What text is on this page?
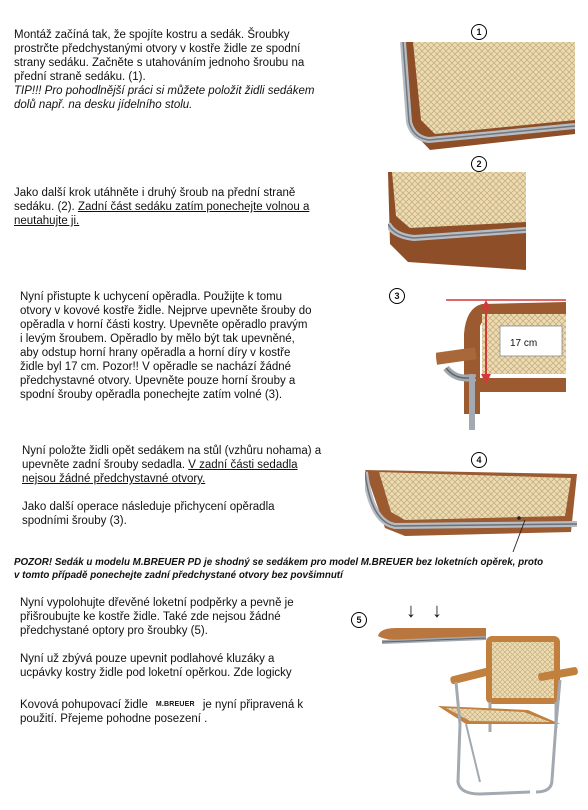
Montáž začíná tak, že spojíte kostru a sedák. Šroubky
prostrčte předchystanými otvory v kostře židle ze spodní
strany sedáku. Začněte s utahováním jednoho šroubu na
přední straně sedáku. (1).
TIP!!! Pro pohodlnější práci si můžete položit židli sedákem
dolů např. na desku jídelního stolu.
1
2
Jako další krok utáhněte i druhý šroub na přední straně
sedáku. (2). Zadní část sedáku zatím ponechejte volnou a
neutahujte ji.
Nyní přistupte k uchycení opěradla. Použijte k tomu
otvory v kovové kostře židle. Nejprve upevněte šrouby do
opěradla v horní části kostry. Upevněte opěradlo pravým
i levým šroubem. Opěradlo by mělo být tak upevněné,
aby odstup horní hrany opěradla a horní díry v kostře
židle byl 17 cm. Pozor!! V opěradle se nachází žádné
předchystavné otvory. Upevněte pouze horní šrouby a
spodní šrouby opěradla ponechejte zatím volné (3).
3
17 cm
Nyní položte židli opět sedákem na stůl (vzhůru nohama) a
upevněte zadní šrouby sedadla. V zadní části sedadla
nejsou žádné předchystavné otvory.
Jako další operace následuje přichycení opěradla
spodními šrouby (3).
4
POZOR! Sedák u modelu M.BREUER PD je shodný se sedákem pro model M.BREUER bez loketních opěrek, proto
v tomto případě ponechejte zadní předchystané otvory bez povšimnutí
Nyní vypolohujte dřevěné loketní podpěrky a pevně je
přišroubujte ke kostře židle. Také zde nejsou žádné
předchystané optory pro šroubky (5).
Nyní už zbývá pouze upevnit podlahové kluzáky a
ucpávky kostry židle pod loketní opěrkou. Zde logicky
Kovová pohupovací židle M.BREUER je nyní připravená k
použití. Přejeme pohodne posezení .
5 ↓ ↓
